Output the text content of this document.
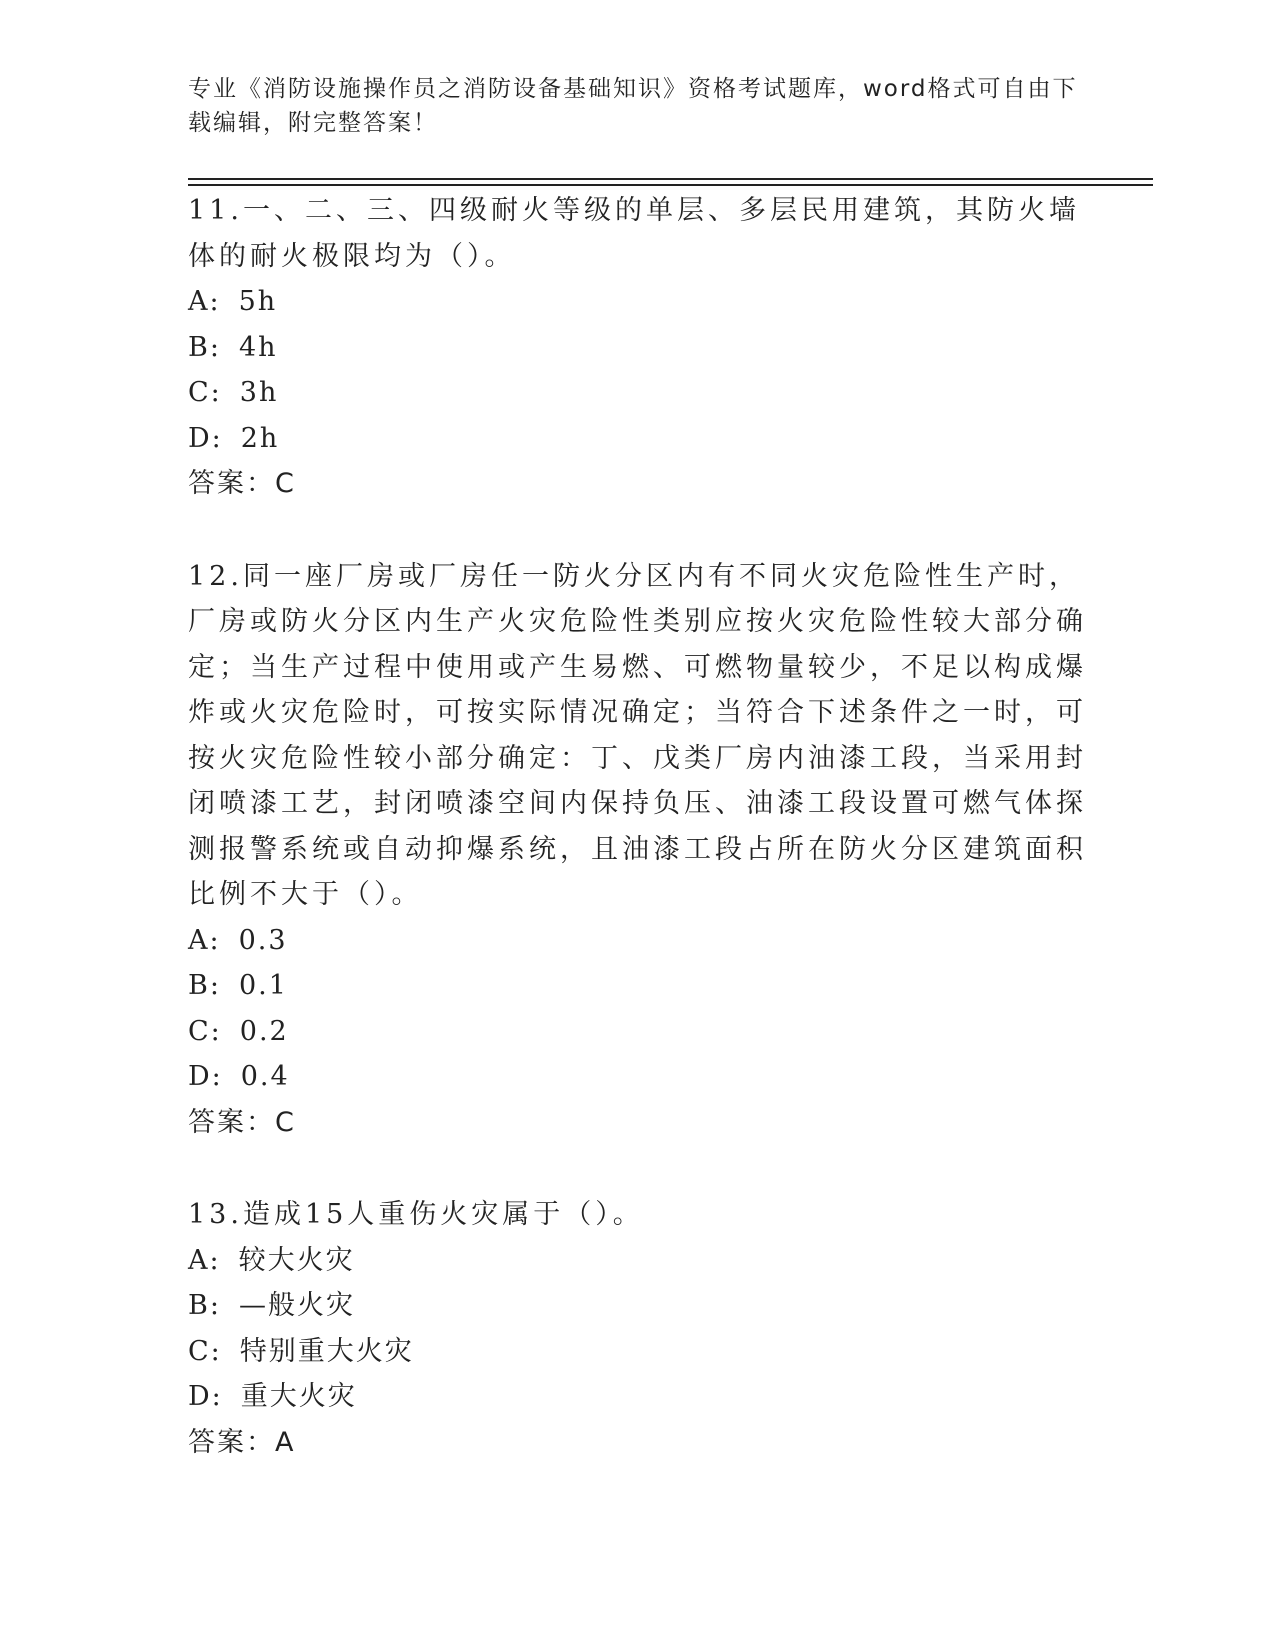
专业《消防设施操作员之消防设备基础知识》资格考试题库，word格式可自由下载编辑，附完整答案！

11.一、二、三、四级耐火等级的单层、多层民用建筑，其防火墙体的耐火极限均为（）。

A: 5h

B: 4h

C: 3h

D: 2h

答案：C

12.同一座厂房或厂房任一防火分区内有不同火灾危险性生产时，厂房或防火分区内生产火灾危险性类别应按火灾危险性较大部分确定；当生产过程中使用或产生易燃、可燃物量较少，不足以构成爆炸或火灾危险时，可按实际情况确定；当符合下述条件之一时，可按火灾危险性较小部分确定：丁、戊类厂房内油漆工段，当采用封闭喷漆工艺，封闭喷漆空间内保持负压、油漆工段设置可燃气体探测报警系统或自动抑爆系统，且油漆工段占所在防火分区建筑面积比例不大于（）。

A: 0.3

B: 0.1

C: 0.2

D: 0.4

答案：C

13.造成15人重伤火灾属于（）。

A: 较大火灾

B: —般火灾

C: 特别重大火灾

D: 重大火灾

答案：A
